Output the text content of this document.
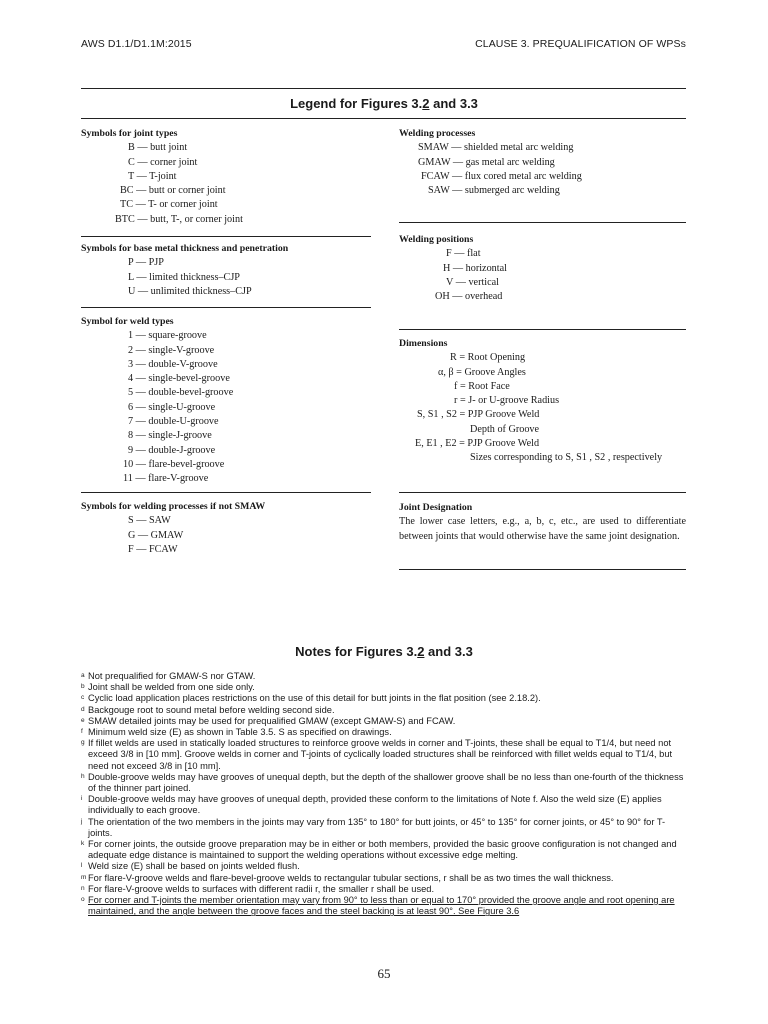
AWS D1.1/D1.1M:2015	CLAUSE 3. PREQUALIFICATION OF WPSs
Legend for Figures 3.2 and 3.3
Symbols for joint types
B — butt joint
C — corner joint
T — T-joint
BC — butt or corner joint
TC — T- or corner joint
BTC — butt, T-, or corner joint
Symbols for base metal thickness and penetration
P — PJP
L — limited thickness–CJP
U — unlimited thickness–CJP
Symbol for weld types
1 — square-groove
2 — single-V-groove
3 — double-V-groove
4 — single-bevel-groove
5 — double-bevel-groove
6 — single-U-groove
7 — double-U-groove
8 — single-J-groove
9 — double-J-groove
10 — flare-bevel-groove
11 — flare-V-groove
Symbols for welding processes if not SMAW
S — SAW
G — GMAW
F — FCAW
Welding processes
SMAW — shielded metal arc welding
GMAW — gas metal arc welding
FCAW — flux cored metal arc welding
SAW — submerged arc welding
Welding positions
F — flat
H — horizontal
V — vertical
OH — overhead
Dimensions
R = Root Opening
α, β = Groove Angles
f = Root Face
r = J- or U-groove Radius
S, S1 , S2 = PJP Groove Weld
Depth of Groove
E, E1 , E2 = PJP Groove Weld
Sizes corresponding to S, S1 , S2 , respectively
Joint Designation
The lower case letters, e.g., a, b, c, etc., are used to differentiate between joints that would otherwise have the same joint designation.
Notes for Figures 3.2 and 3.3
a Not prequalified for GMAW-S nor GTAW.
b Joint shall be welded from one side only.
c Cyclic load application places restrictions on the use of this detail for butt joints in the flat position (see 2.18.2).
d Backgouge root to sound metal before welding second side.
e SMAW detailed joints may be used for prequalified GMAW (except GMAW-S) and FCAW.
f Minimum weld size (E) as shown in Table 3.5. S as specified on drawings.
g If fillet welds are used in statically loaded structures to reinforce groove welds in corner and T-joints, these shall be equal to T1/4, but need not exceed 3/8 in [10 mm]. Groove welds in corner and T-joints of cyclically loaded structures shall be reinforced with fillet welds equal to T1/4, but need not exceed 3/8 in [10 mm].
h Double-groove welds may have grooves of unequal depth, but the depth of the shallower groove shall be no less than one-fourth of the thickness of the thinner part joined.
i Double-groove welds may have grooves of unequal depth, provided these conform to the limitations of Note f. Also the weld size (E) applies individually to each groove.
j The orientation of the two members in the joints may vary from 135° to 180° for butt joints, or 45° to 135° for corner joints, or 45° to 90° for T-joints.
k For corner joints, the outside groove preparation may be in either or both members, provided the basic groove configuration is not changed and adequate edge distance is maintained to support the welding operations without excessive edge melting.
l Weld size (E) shall be based on joints welded flush.
m For flare-V-groove welds and flare-bevel-groove welds to rectangular tubular sections, r shall be as two times the wall thickness.
n For flare-V-groove welds to surfaces with different radii r, the smaller r shall be used.
o For corner and T-joints the member orientation may vary from 90° to less than or equal to 170° provided the groove angle and root opening are maintained, and the angle between the groove faces and the steel backing is at least 90°. See Figure 3.6
65
